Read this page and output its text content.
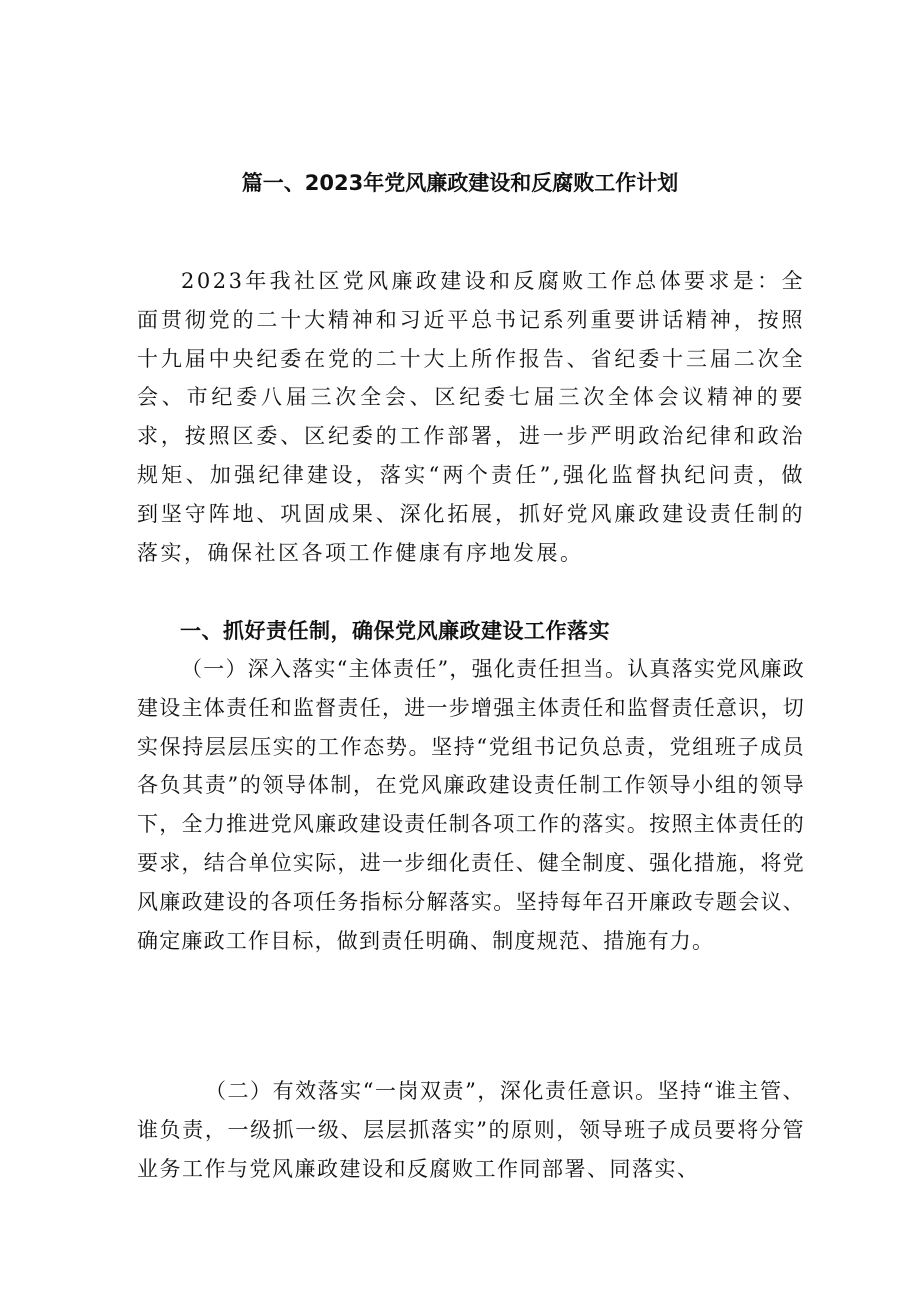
篇一、2023年党风廉政建设和反腐败工作计划
2023年我社区党风廉政建设和反腐败工作总体要求是：全面贯彻党的二十大精神和习近平总书记系列重要讲话精神，按照十九届中央纪委在党的二十大上所作报告、省纪委十三届二次全会、市纪委八届三次全会、区纪委七届三次全体会议精神的要求，按照区委、区纪委的工作部署，进一步严明政治纪律和政治规矩、加强纪律建设，落实“两个责任”,强化监督执纪问责，做到坚守阵地、巩固成果、深化拓展，抓好党风廉政建设责任制的落实，确保社区各项工作健康有序地发展。
一、抓好责任制，确保党风廉政建设工作落实
（一）深入落实“主体责任”，强化责任担当。认真落实党风廉政建设主体责任和监督责任，进一步增强主体责任和监督责任意识，切实保持层层压实的工作态势。坚持“党组书记负总责，党组班子成员各负其责”的领导体制，在党风廉政建设责任制工作领导小组的领导下，全力推进党风廉政建设责任制各项工作的落实。按照主体责任的要求，结合单位实际，进一步细化责任、健全制度、强化措施，将党风廉政建设的各项任务指标分解落实。坚持每年召开廉政专题会议、确定廉政工作目标，做到责任明确、制度规范、措施有力。
（二）有效落实“一岗双责”，深化责任意识。坚持“谁主管、谁负责，一级抓一级、层层抓落实”的原则，领导班子成员要将分管业务工作与党风廉政建设和反腐败工作同部署、同落实、
